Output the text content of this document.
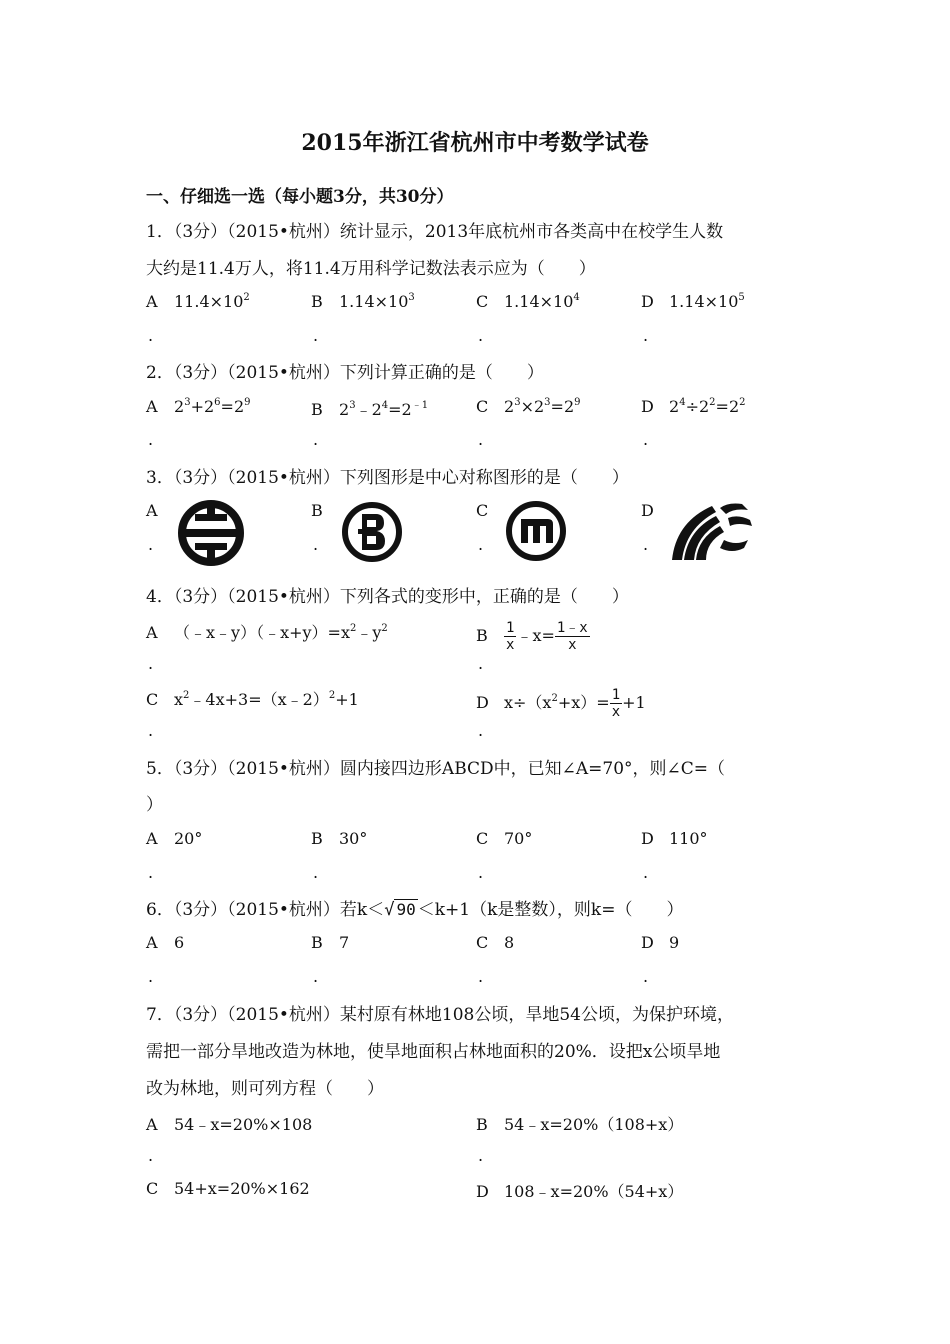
2015年浙江省杭州市中考数学试卷
一、仔细选一选（每小题3分，共30分）
1．（3分）（2015•杭州）统计显示，2013年底杭州市各类高中在校学生人数
大约是11.4万人，将11.4万用科学记数法表示应为（　　）
A $11.4\times 10^2$	B $1.14\times 10^3$	C $1.14\times 10^4$	D $1.14\times 10^5$
.	.	.	.
2．（3分）（2015•杭州）下列计算正确的是（　　）
A $2^3+2^6=2^9$	B $2^3﹣2^4=2^{﹣1}$	C $2^3\times 2^3=2^9$	D $2^4\div 2^2=2^2$
.	.	.	.
3．（3分）（2015•杭州）下列图形是中心对称图形的是（　　）
A	B	C	D
.	.	.	.
4．（3分）（2015•杭州）下列各式的变形中，正确的是（　　）
A $(﹣x﹣y)(﹣x+y)=x^2﹣y^2$	B $\frac{1}{x}$ ﹣x= $\frac{1﹣x}{x}$
.	.
C $x^2﹣4x+3=(x﹣2)^2+1$	D $x\div(x^2+x)= \frac{1}{x} +1$
.	.
5．（3分）（2015•杭州）圆内接四边形ABCD中，已知∠A=70°，则∠C=（
）
A 20°	B 30°	C 70°	D 110°
.	.	.	.
6．（3分）（2015•杭州）若k＜√ 90 ＜k+1（k是整数），则k=（　　）
A 6	B 7	C 8	D 9
.	.	.	.
7．（3分）（2015•杭州）某村原有林地108公顷，旱地54公顷，为保护环境，
需把一部分旱地改造为林地，使旱地面积占林地面积的20%．设把x公顷旱地
改为林地，则可列方程（　　）
A 54﹣x=20%×108	B 54﹣x=20%（108+x）
.	.
C 54+x=20%×162	D 108﹣x=20%（54+x）
